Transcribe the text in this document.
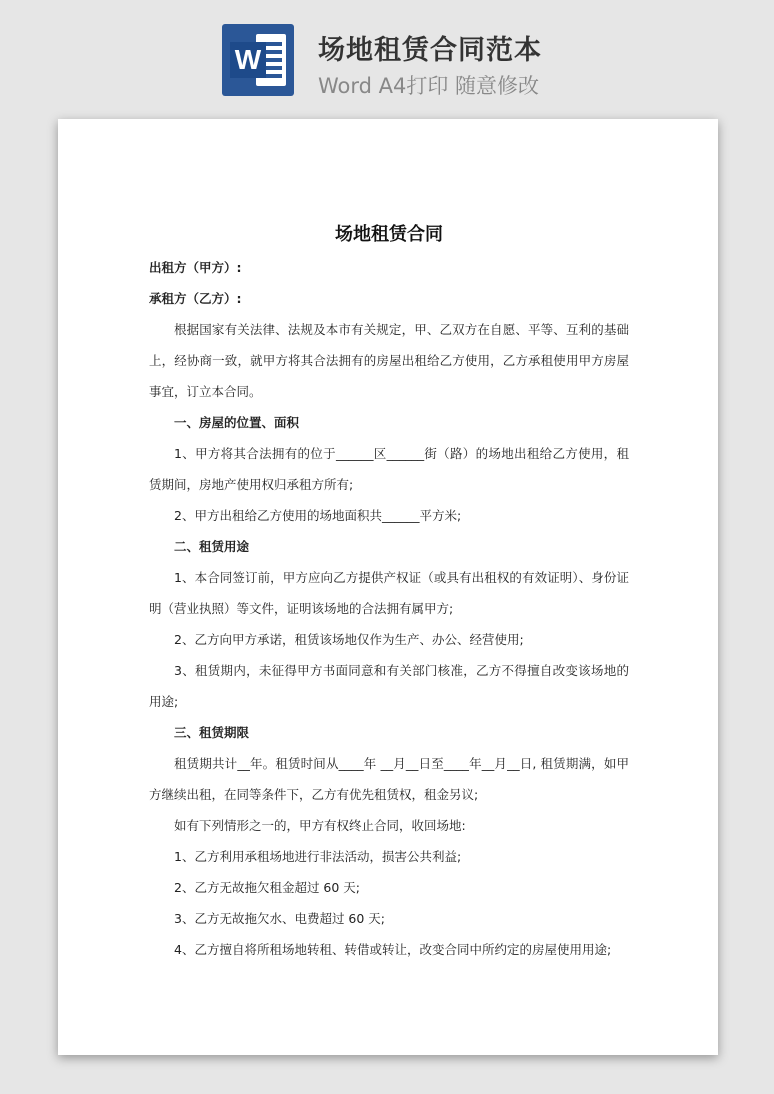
W 场地租赁合同范本
Word A4打印 随意修改

场地租赁合同

出租方（甲方）:

承租方（乙方）:

根据国家有关法律、法规及本市有关规定，甲、乙双方在自愿、平等、互利的基础上，经协商一致，就甲方将其合法拥有的房屋出租给乙方使用，乙方承租使用甲方房屋事宜，订立本合同。

一、房屋的位置、面积

1、甲方将其合法拥有的位于______区______街（路）的场地出租给乙方使用，租赁期间，房地产使用权归承租方所有;

2、甲方出租给乙方使用的场地面积共______平方米;

二、租赁用途

1、本合同签订前，甲方应向乙方提供产权证（或具有出租权的有效证明）、身份证明（营业执照）等文件，证明该场地的合法拥有属甲方;

2、乙方向甲方承诺，租赁该场地仅作为生产、办公、经营使用;

3、租赁期内，未征得甲方书面同意和有关部门核准，乙方不得擅自改变该场地的用途;

三、租赁期限

租赁期共计__年。租赁时间从____年 __月__日至____年__月__日, 租赁期满，如甲方继续出租，在同等条件下，乙方有优先租赁权，租金另议;

如有下列情形之一的，甲方有权终止合同，收回场地:

1、乙方利用承租场地进行非法活动，损害公共利益;

2、乙方无故拖欠租金超过 60 天;

3、乙方无故拖欠水、电费超过 60 天;

4、乙方擅自将所租场地转租、转借或转让，改变合同中所约定的房屋使用用途;
